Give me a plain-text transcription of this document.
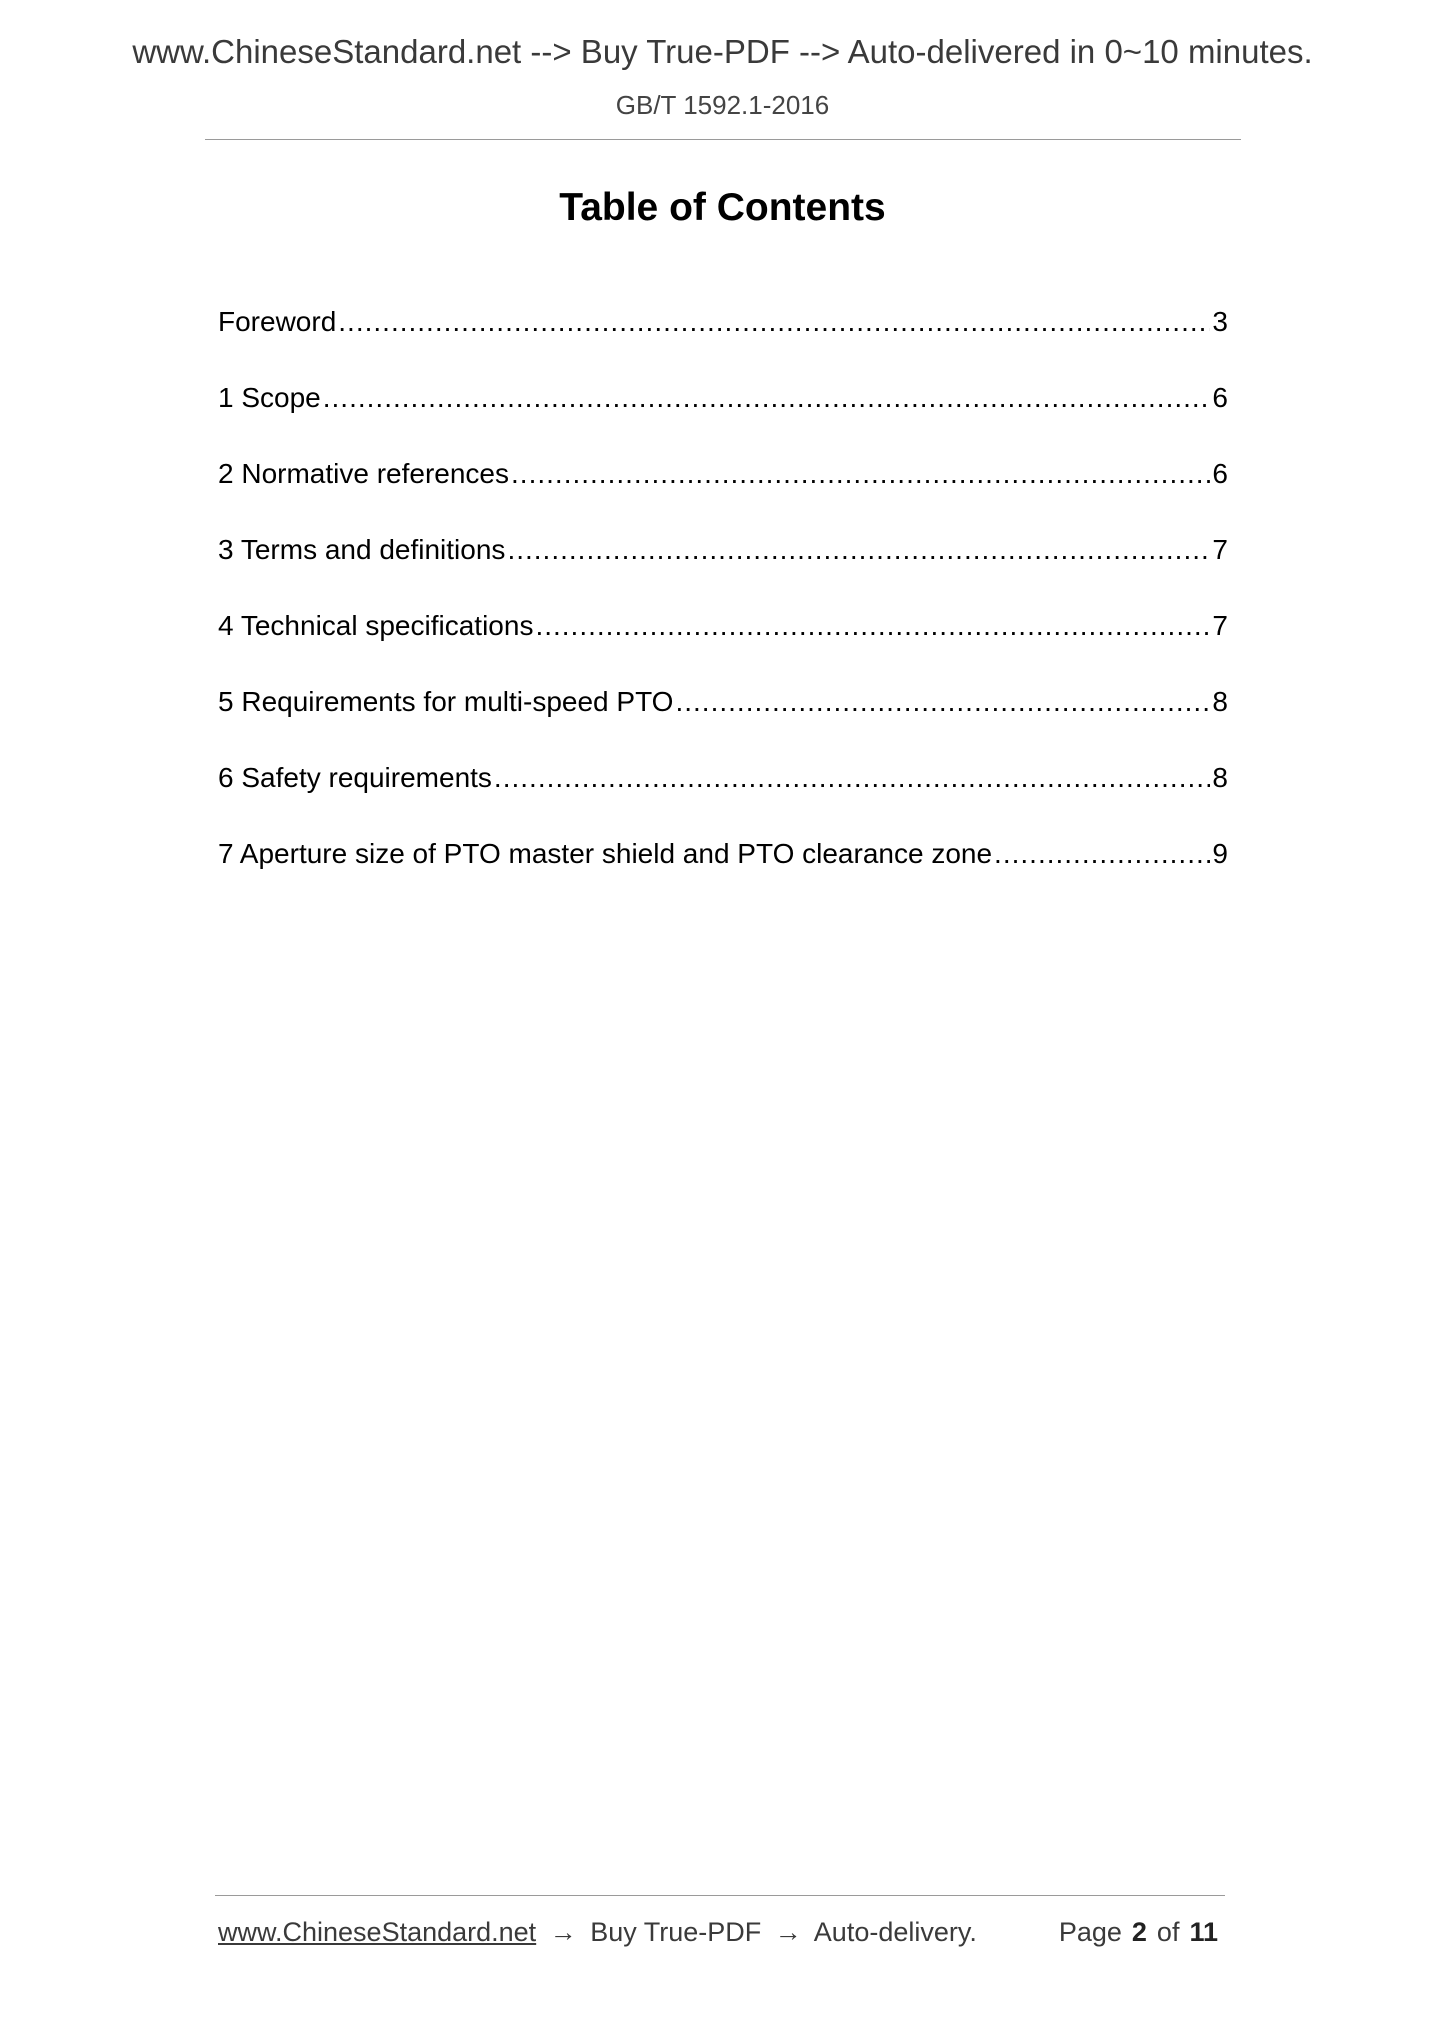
www.ChineseStandard.net --> Buy True-PDF --> Auto-delivered in 0~10 minutes.
GB/T 1592.1-2016
Table of Contents
Foreword .....	3
1 Scope .....	6
2 Normative references .....	6
3 Terms and definitions .....	7
4 Technical specifications .....	7
5 Requirements for multi-speed PTO .....	8
6 Safety requirements .....	8
7 Aperture size of PTO master shield and PTO clearance zone .....	9
www.ChineseStandard.net → Buy True-PDF → Auto-delivery.	Page 2 of 11
